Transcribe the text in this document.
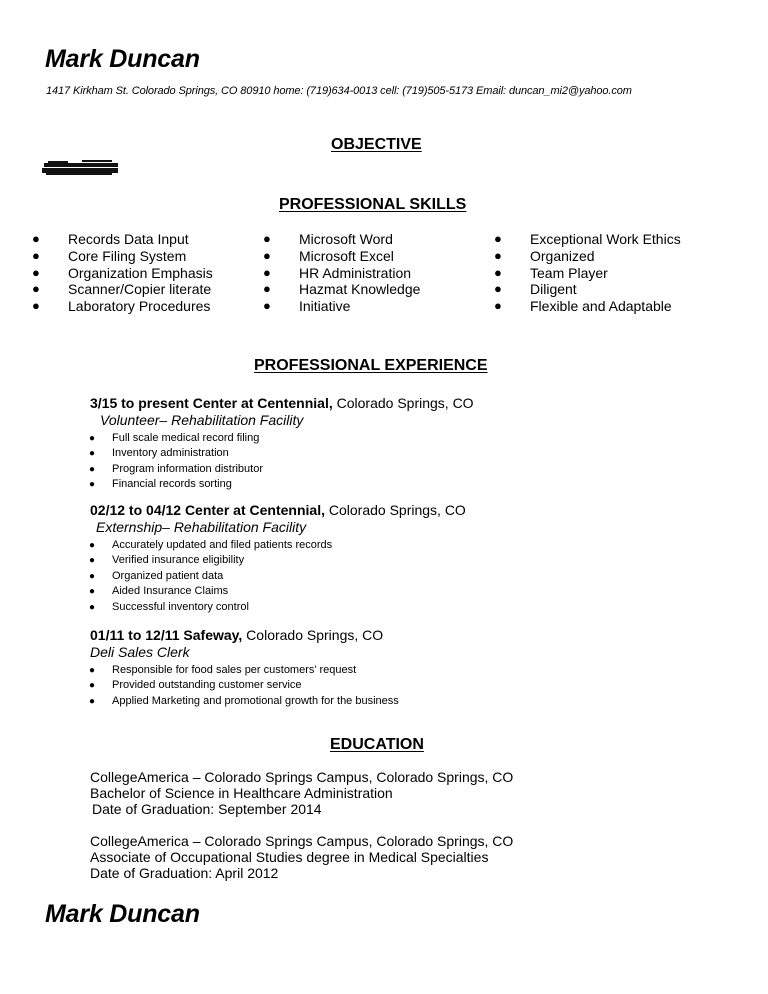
Mark Duncan
1417 Kirkham St. Colorado Springs, CO 80910 home: (719)634-0013 cell: (719)505-5173 Email: duncan_mi2@yahoo.com
OBJECTIVE
PROFESSIONAL SKILLS
● Records Data Input
● Core Filing System
● Organization Emphasis
● Scanner/Copier literate
● Laboratory Procedures
● Microsoft Word
● Microsoft Excel
● HR Administration
● Hazmat Knowledge
● Initiative
● Exceptional Work Ethics
● Organized
● Team Player
● Diligent
● Flexible and Adaptable
PROFESSIONAL EXPERIENCE
3/15 to present Center at Centennial, Colorado Springs, CO
Volunteer– Rehabilitation Facility
● Full scale medical record filing
● Inventory administration
● Program information distributor
● Financial records sorting
02/12 to 04/12 Center at Centennial, Colorado Springs, CO
Externship– Rehabilitation Facility
● Accurately updated and filed patients records
● Verified insurance eligibility
● Organized patient data
● Aided Insurance Claims
● Successful inventory control
01/11 to 12/11 Safeway, Colorado Springs, CO
Deli Sales Clerk
● Responsible for food sales per customers’ request
● Provided outstanding customer service
● Applied Marketing and promotional growth for the business
EDUCATION
CollegeAmerica – Colorado Springs Campus, Colorado Springs, CO
Bachelor of Science in Healthcare Administration
Date of Graduation: September 2014
CollegeAmerica – Colorado Springs Campus, Colorado Springs, CO
Associate of Occupational Studies degree in Medical Specialties
Date of Graduation: April 2012
Mark Duncan
